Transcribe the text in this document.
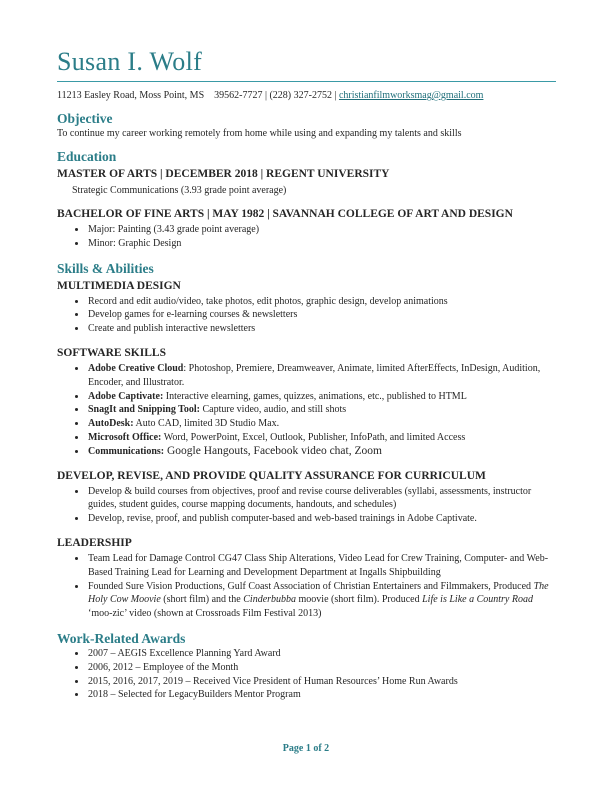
Susan I. Wolf
11213 Easley Road, Moss Point, MS    39562-7727 | (228) 327-2752 | christianfilmworksmag@gmail.com
Objective

To continue my career working remotely from home while using and expanding my talents and skills

Education
MASTER OF ARTS | DECEMBER 2018 | REGENT UNIVERSITY

Strategic Communications (3.93 grade point average)

BACHELOR OF FINE ARTS | MAY 1982 | SAVANNAH COLLEGE OF ART AND DESIGN
• Major: Painting (3.43 grade point average)
• Minor: Graphic Design
Skills & Abilities
MULTIMEDIA DESIGN
• Record and edit audio/video, take photos, edit photos, graphic design, develop animations
• Develop games for e-learning courses & newsletters
• Create and publish interactive newsletters
SOFTWARE SKILLS
• Adobe Creative Cloud: Photoshop, Premiere, Dreamweaver, Animate, limited AfterEffects, InDesign, Audition, Encoder, and Illustrator.
• Adobe Captivate: Interactive elearning, games, quizzes, animations, etc., published to HTML
• SnagIt and Snipping Tool: Capture video, audio, and still shots
• AutoDesk: Auto CAD, limited 3D Studio Max.
• Microsoft Office: Word, PowerPoint, Excel, Outlook, Publisher, InfoPath, and limited Access
• Communications: Google Hangouts, Facebook video chat, Zoom
DEVELOP, REVISE, AND PROVIDE QUALITY ASSURANCE FOR CURRICULUM
• Develop & build courses from objectives, proof and revise course deliverables (syllabi, assessments, instructor guides, student guides, course mapping documents, handouts, and schedules)
• Develop, revise, proof, and publish computer-based and web-based trainings in Adobe Captivate.
LEADERSHIP
• Team Lead for Damage Control CG47 Class Ship Alterations, Video Lead for Crew Training, Computer- and Web-Based Training Lead for Learning and Development Department at Ingalls Shipbuilding
• Founded Sure Vision Productions, Gulf Coast Association of Christian Entertainers and Filmmakers, Produced The Holy Cow Moovie (short film) and the Cinderbubba moovie (short film). Produced Life is Like a Country Road ‘moo-zic’ video (shown at Crossroads Film Festival 2013)
Work-Related Awards
• 2007 – AEGIS Excellence Planning Yard Award
• 2006, 2012 – Employee of the Month
• 2015, 2016, 2017, 2019 – Received Vice President of Human Resources’ Home Run Awards
• 2018 – Selected for LegacyBuilders Mentor Program
Page 1 of 2
